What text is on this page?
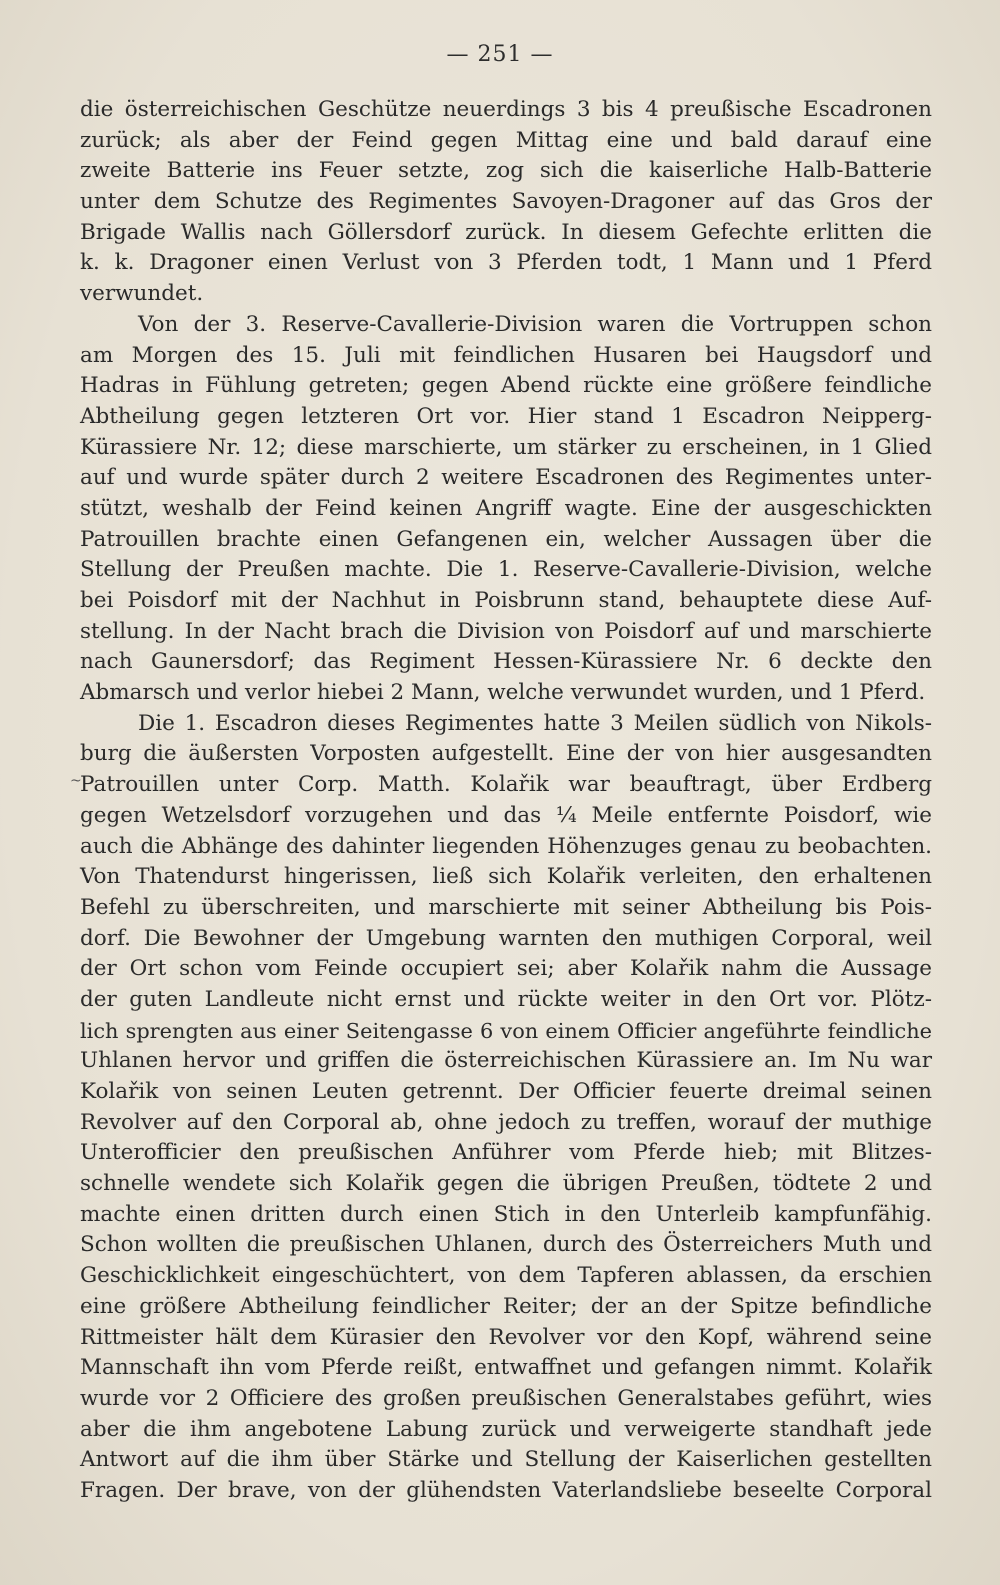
— 251 —
~
die österreichischen Geschütze neuerdings 3 bis 4 preußische Escadronen
zurück; als aber der Feind gegen Mittag eine und bald darauf eine
zweite Batterie ins Feuer setzte, zog sich die kaiserliche Halb-Batterie
unter dem Schutze des Regimentes Savoyen-Dragoner auf das Gros der
Brigade Wallis nach Göllersdorf zurück. In diesem Gefechte erlitten die
k. k. Dragoner einen Verlust von 3 Pferden todt, 1 Mann und 1 Pferd
verwundet.
Von der 3. Reserve-Cavallerie-Division waren die Vortruppen schon
am Morgen des 15. Juli mit feindlichen Husaren bei Haugsdorf und
Hadras in Fühlung getreten; gegen Abend rückte eine größere feindliche
Abtheilung gegen letzteren Ort vor. Hier stand 1 Escadron Neipperg-
Kürassiere Nr. 12; diese marschierte, um stärker zu erscheinen, in 1 Glied
auf und wurde später durch 2 weitere Escadronen des Regimentes unter-
stützt, weshalb der Feind keinen Angriff wagte. Eine der ausgeschickten
Patrouillen brachte einen Gefangenen ein, welcher Aussagen über die
Stellung der Preußen machte. Die 1. Reserve-Cavallerie-Division, welche
bei Poisdorf mit der Nachhut in Poisbrunn stand, behauptete diese Auf-
stellung. In der Nacht brach die Division von Poisdorf auf und marschierte
nach Gaunersdorf; das Regiment Hessen-Kürassiere Nr. 6 deckte den
Abmarsch und verlor hiebei 2 Mann, welche verwundet wurden, und 1 Pferd.
Die 1. Escadron dieses Regimentes hatte 3 Meilen südlich von Nikols-
burg die äußersten Vorposten aufgestellt. Eine der von hier ausgesandten
Patrouillen unter Corp. Matth. Kolařik war beauftragt, über Erdberg
gegen Wetzelsdorf vorzugehen und das ¼ Meile entfernte Poisdorf, wie
auch die Abhänge des dahinter liegenden Höhenzuges genau zu beobachten.
Von Thatendurst hingerissen, ließ sich Kolařik verleiten, den erhaltenen
Befehl zu überschreiten, und marschierte mit seiner Abtheilung bis Pois-
dorf. Die Bewohner der Umgebung warnten den muthigen Corporal, weil
der Ort schon vom Feinde occupiert sei; aber Kolařik nahm die Aussage
der guten Landleute nicht ernst und rückte weiter in den Ort vor. Plötz-
lich sprengten aus einer Seitengasse 6 von einem Officier angeführte feindliche
Uhlanen hervor und griffen die österreichischen Kürassiere an. Im Nu war
Kolařik von seinen Leuten getrennt. Der Officier feuerte dreimal seinen
Revolver auf den Corporal ab, ohne jedoch zu treffen, worauf der muthige
Unterofficier den preußischen Anführer vom Pferde hieb; mit Blitzes-
schnelle wendete sich Kolařik gegen die übrigen Preußen, tödtete 2 und
machte einen dritten durch einen Stich in den Unterleib kampfunfähig.
Schon wollten die preußischen Uhlanen, durch des Österreichers Muth und
Geschicklichkeit eingeschüchtert, von dem Tapferen ablassen, da erschien
eine größere Abtheilung feindlicher Reiter; der an der Spitze befindliche
Rittmeister hält dem Kürasier den Revolver vor den Kopf, während seine
Mannschaft ihn vom Pferde reißt, entwaffnet und gefangen nimmt. Kolařik
wurde vor 2 Officiere des großen preußischen Generalstabes geführt, wies
aber die ihm angebotene Labung zurück und verweigerte standhaft jede
Antwort auf die ihm über Stärke und Stellung der Kaiserlichen gestellten
Fragen. Der brave, von der glühendsten Vaterlandsliebe beseelte Corporal
